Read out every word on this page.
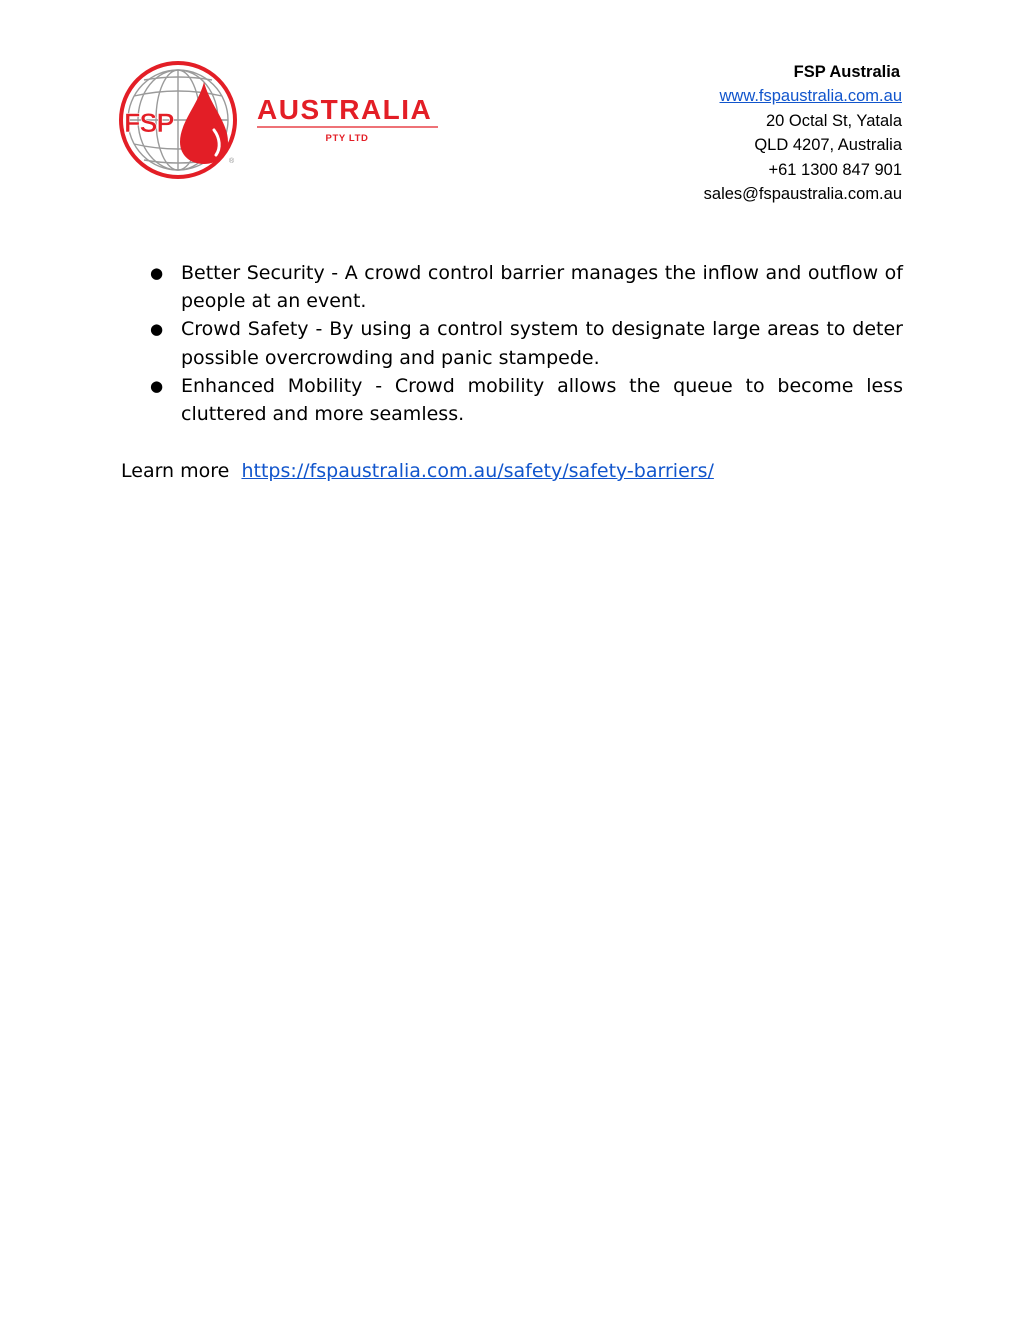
FSP
®
AUSTRALIA
PTY LTD
FSP Australia
www.fspaustralia.com.au
20 Octal St, Yatala
QLD 4207, Australia
+61 1300 847 901
sales@fspaustralia.com.au
● Better Security - A crowd control barrier manages the inflow and outflow of people at an event.
● Crowd Safety - By using a control system to designate large areas to deter possible overcrowding and panic stampede.
● Enhanced Mobility - Crowd mobility allows the queue to become less cluttered and more seamless.
Learn more  https://fspaustralia.com.au/safety/safety-barriers/
